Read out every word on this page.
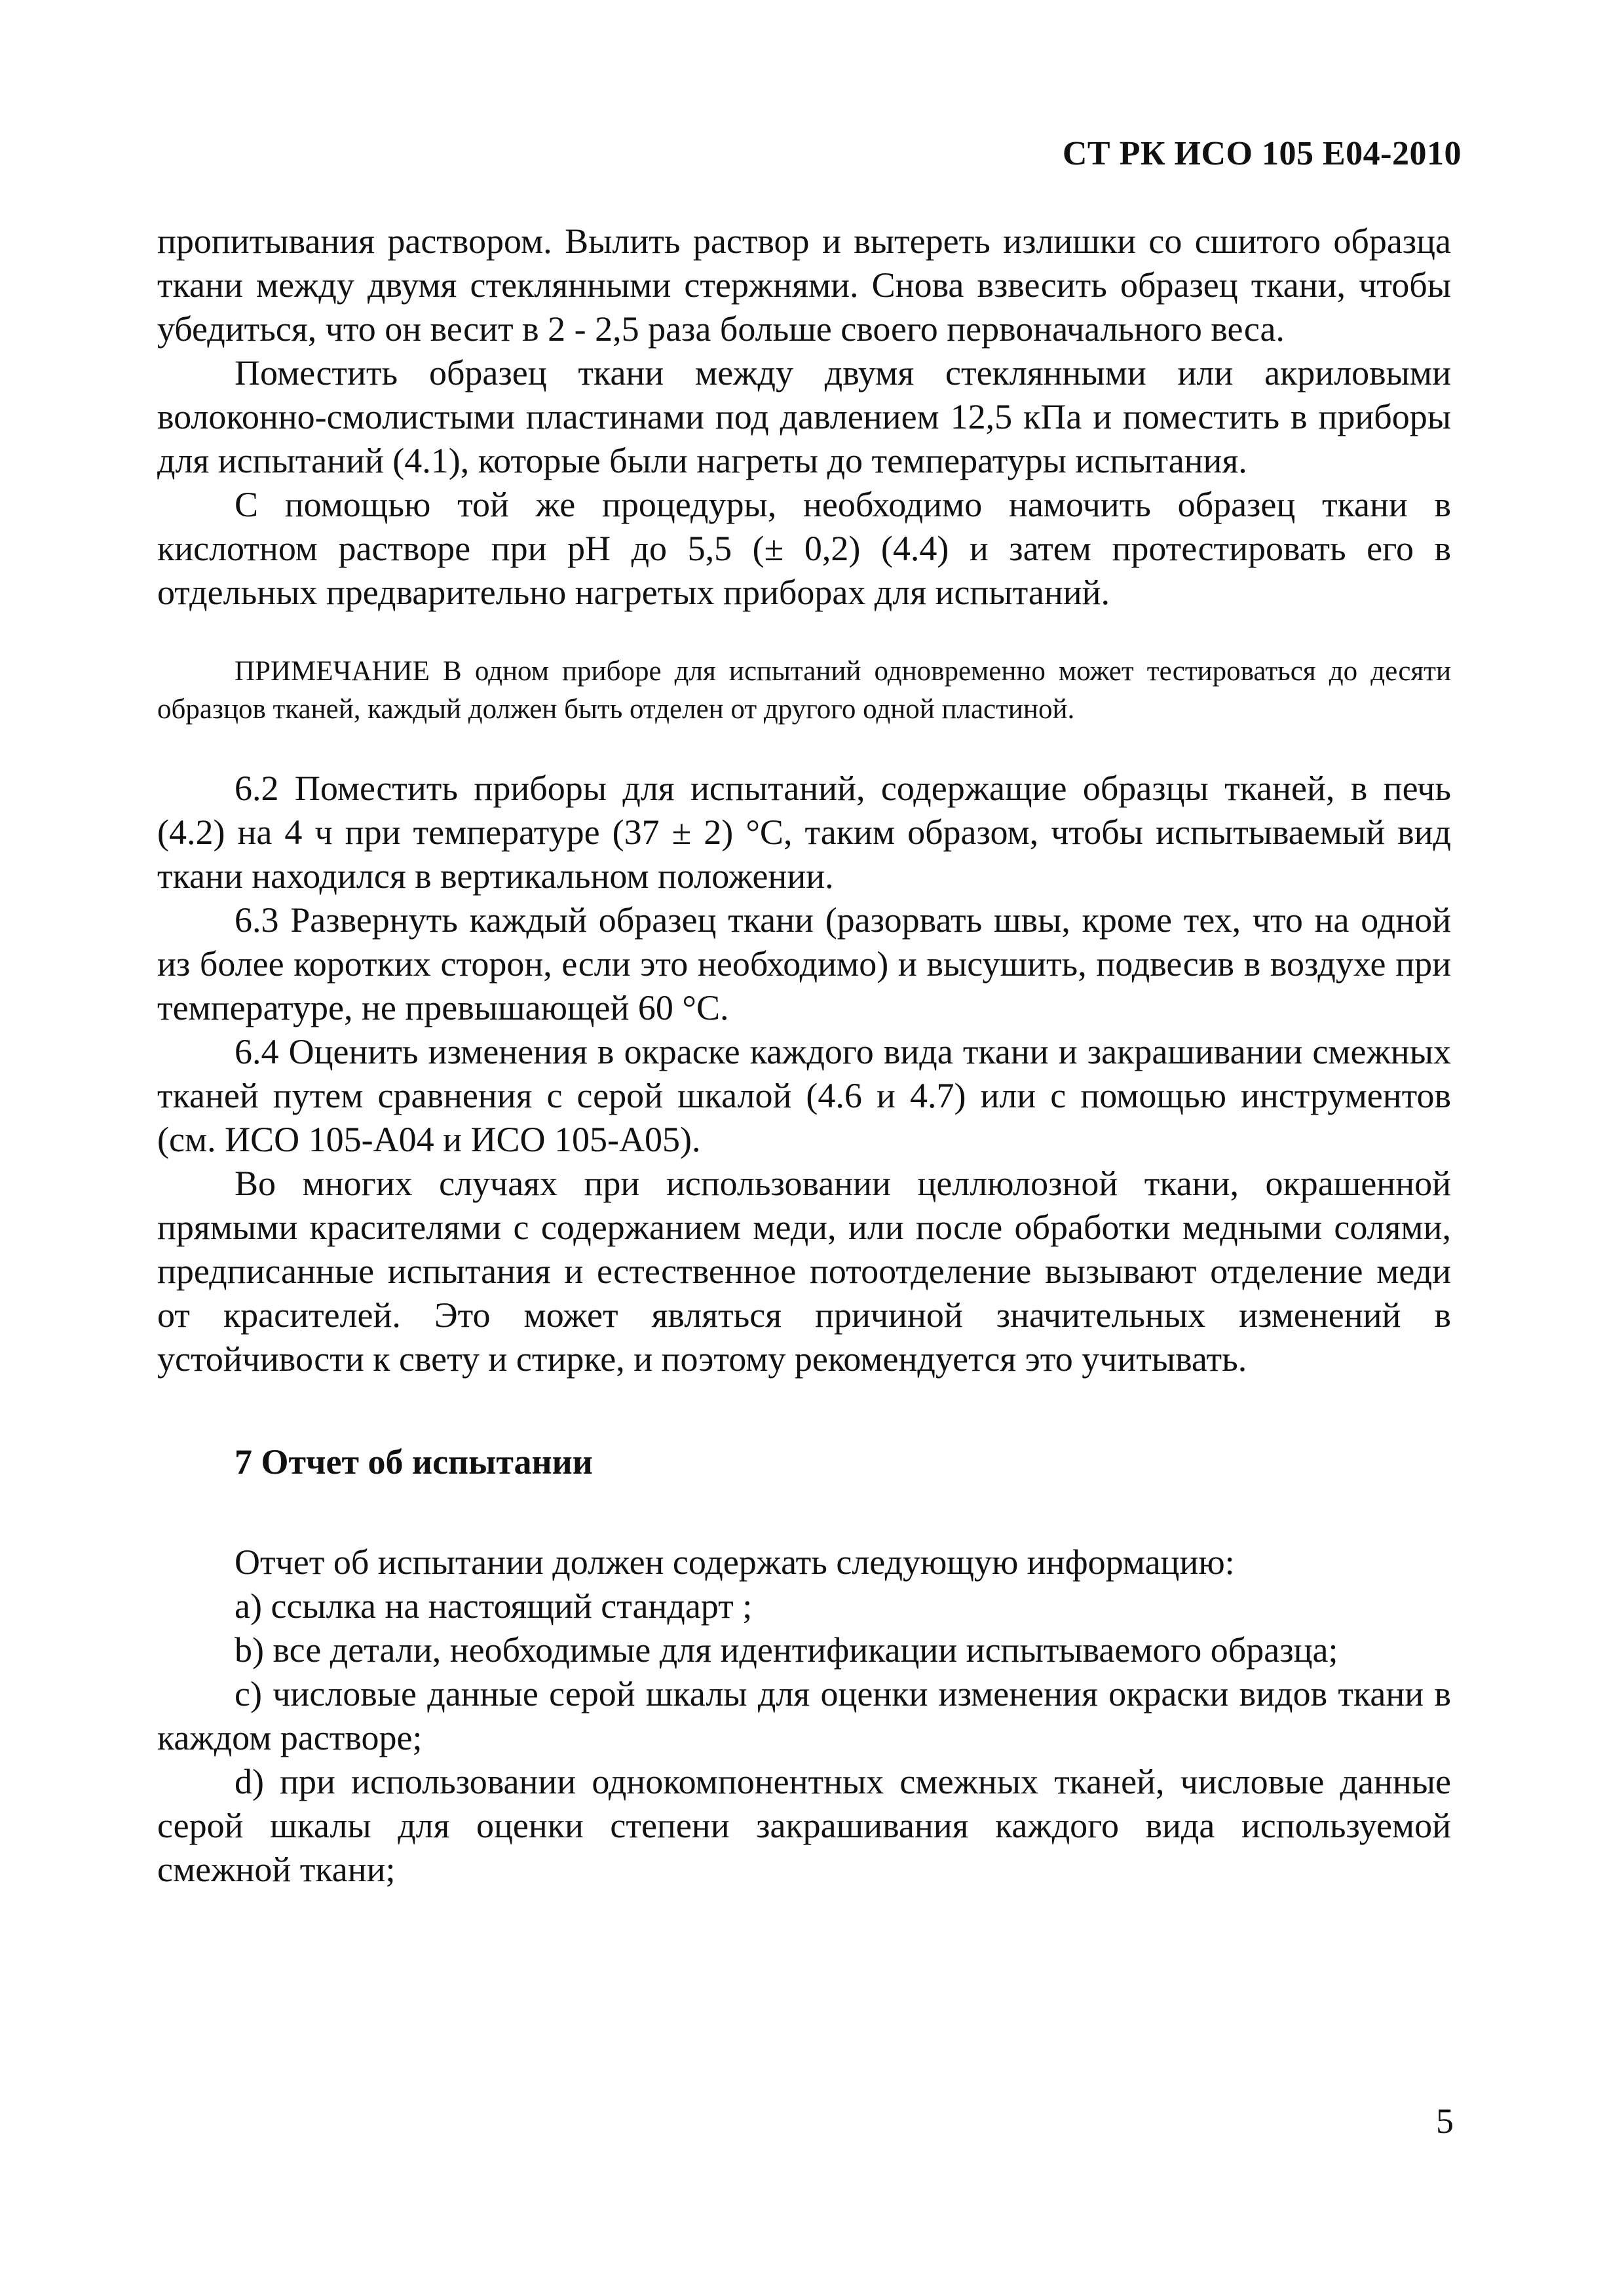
СТ РК ИСО 105 E04-2010

пропитывания раствором. Вылить раствор и вытереть излишки со сшитого образца ткани между двумя стеклянными стержнями. Снова взвесить образец ткани, чтобы убедиться, что он весит в 2 - 2,5 раза больше своего первоначального веса.

Поместить образец ткани между двумя стеклянными или акриловыми волоконно-смолистыми пластинами под давлением 12,5 кПа и поместить в приборы для испытаний (4.1), которые были нагреты до температуры испытания.

С помощью той же процедуры, необходимо намочить образец ткани в кислотном растворе при pH до 5,5 (± 0,2) (4.4) и затем протестировать его в отдельных предварительно нагретых приборах для испытаний.

ПРИМЕЧАНИЕ В одном приборе для испытаний одновременно может тестироваться до десяти образцов тканей, каждый должен быть отделен от другого одной пластиной.

6.2 Поместить приборы для испытаний, содержащие образцы тканей, в печь (4.2) на 4 ч при температуре (37 ± 2) °C, таким образом, чтобы испытываемый вид ткани находился в вертикальном положении.

6.3 Развернуть каждый образец ткани (разорвать швы, кроме тех, что на одной из более коротких сторон, если это необходимо) и высушить, подвесив в воздухе при температуре, не превышающей 60 °C.

6.4 Оценить изменения в окраске каждого вида ткани и закрашивании смежных тканей путем сравнения с серой шкалой (4.6 и 4.7) или с помощью инструментов (см. ИСО 105-A04 и ИСО 105-A05).

Во многих случаях при использовании целлюлозной ткани, окрашенной прямыми красителями с содержанием меди, или после обработки медными солями, предписанные испытания и естественное потоотделение вызывают отделение меди от красителей. Это может являться причиной значительных изменений в устойчивости к свету и стирке, и поэтому рекомендуется это учитывать.

7 Отчет об испытании

Отчет об испытании должен содержать следующую информацию:

a) ссылка на настоящий стандарт ;

b) все детали, необходимые для идентификации испытываемого образца;

c) числовые данные серой шкалы для оценки изменения окраски видов ткани в каждом растворе;

d) при использовании однокомпонентных смежных тканей, числовые данные серой шкалы для оценки степени закрашивания каждого вида используемой смежной ткани;

5
